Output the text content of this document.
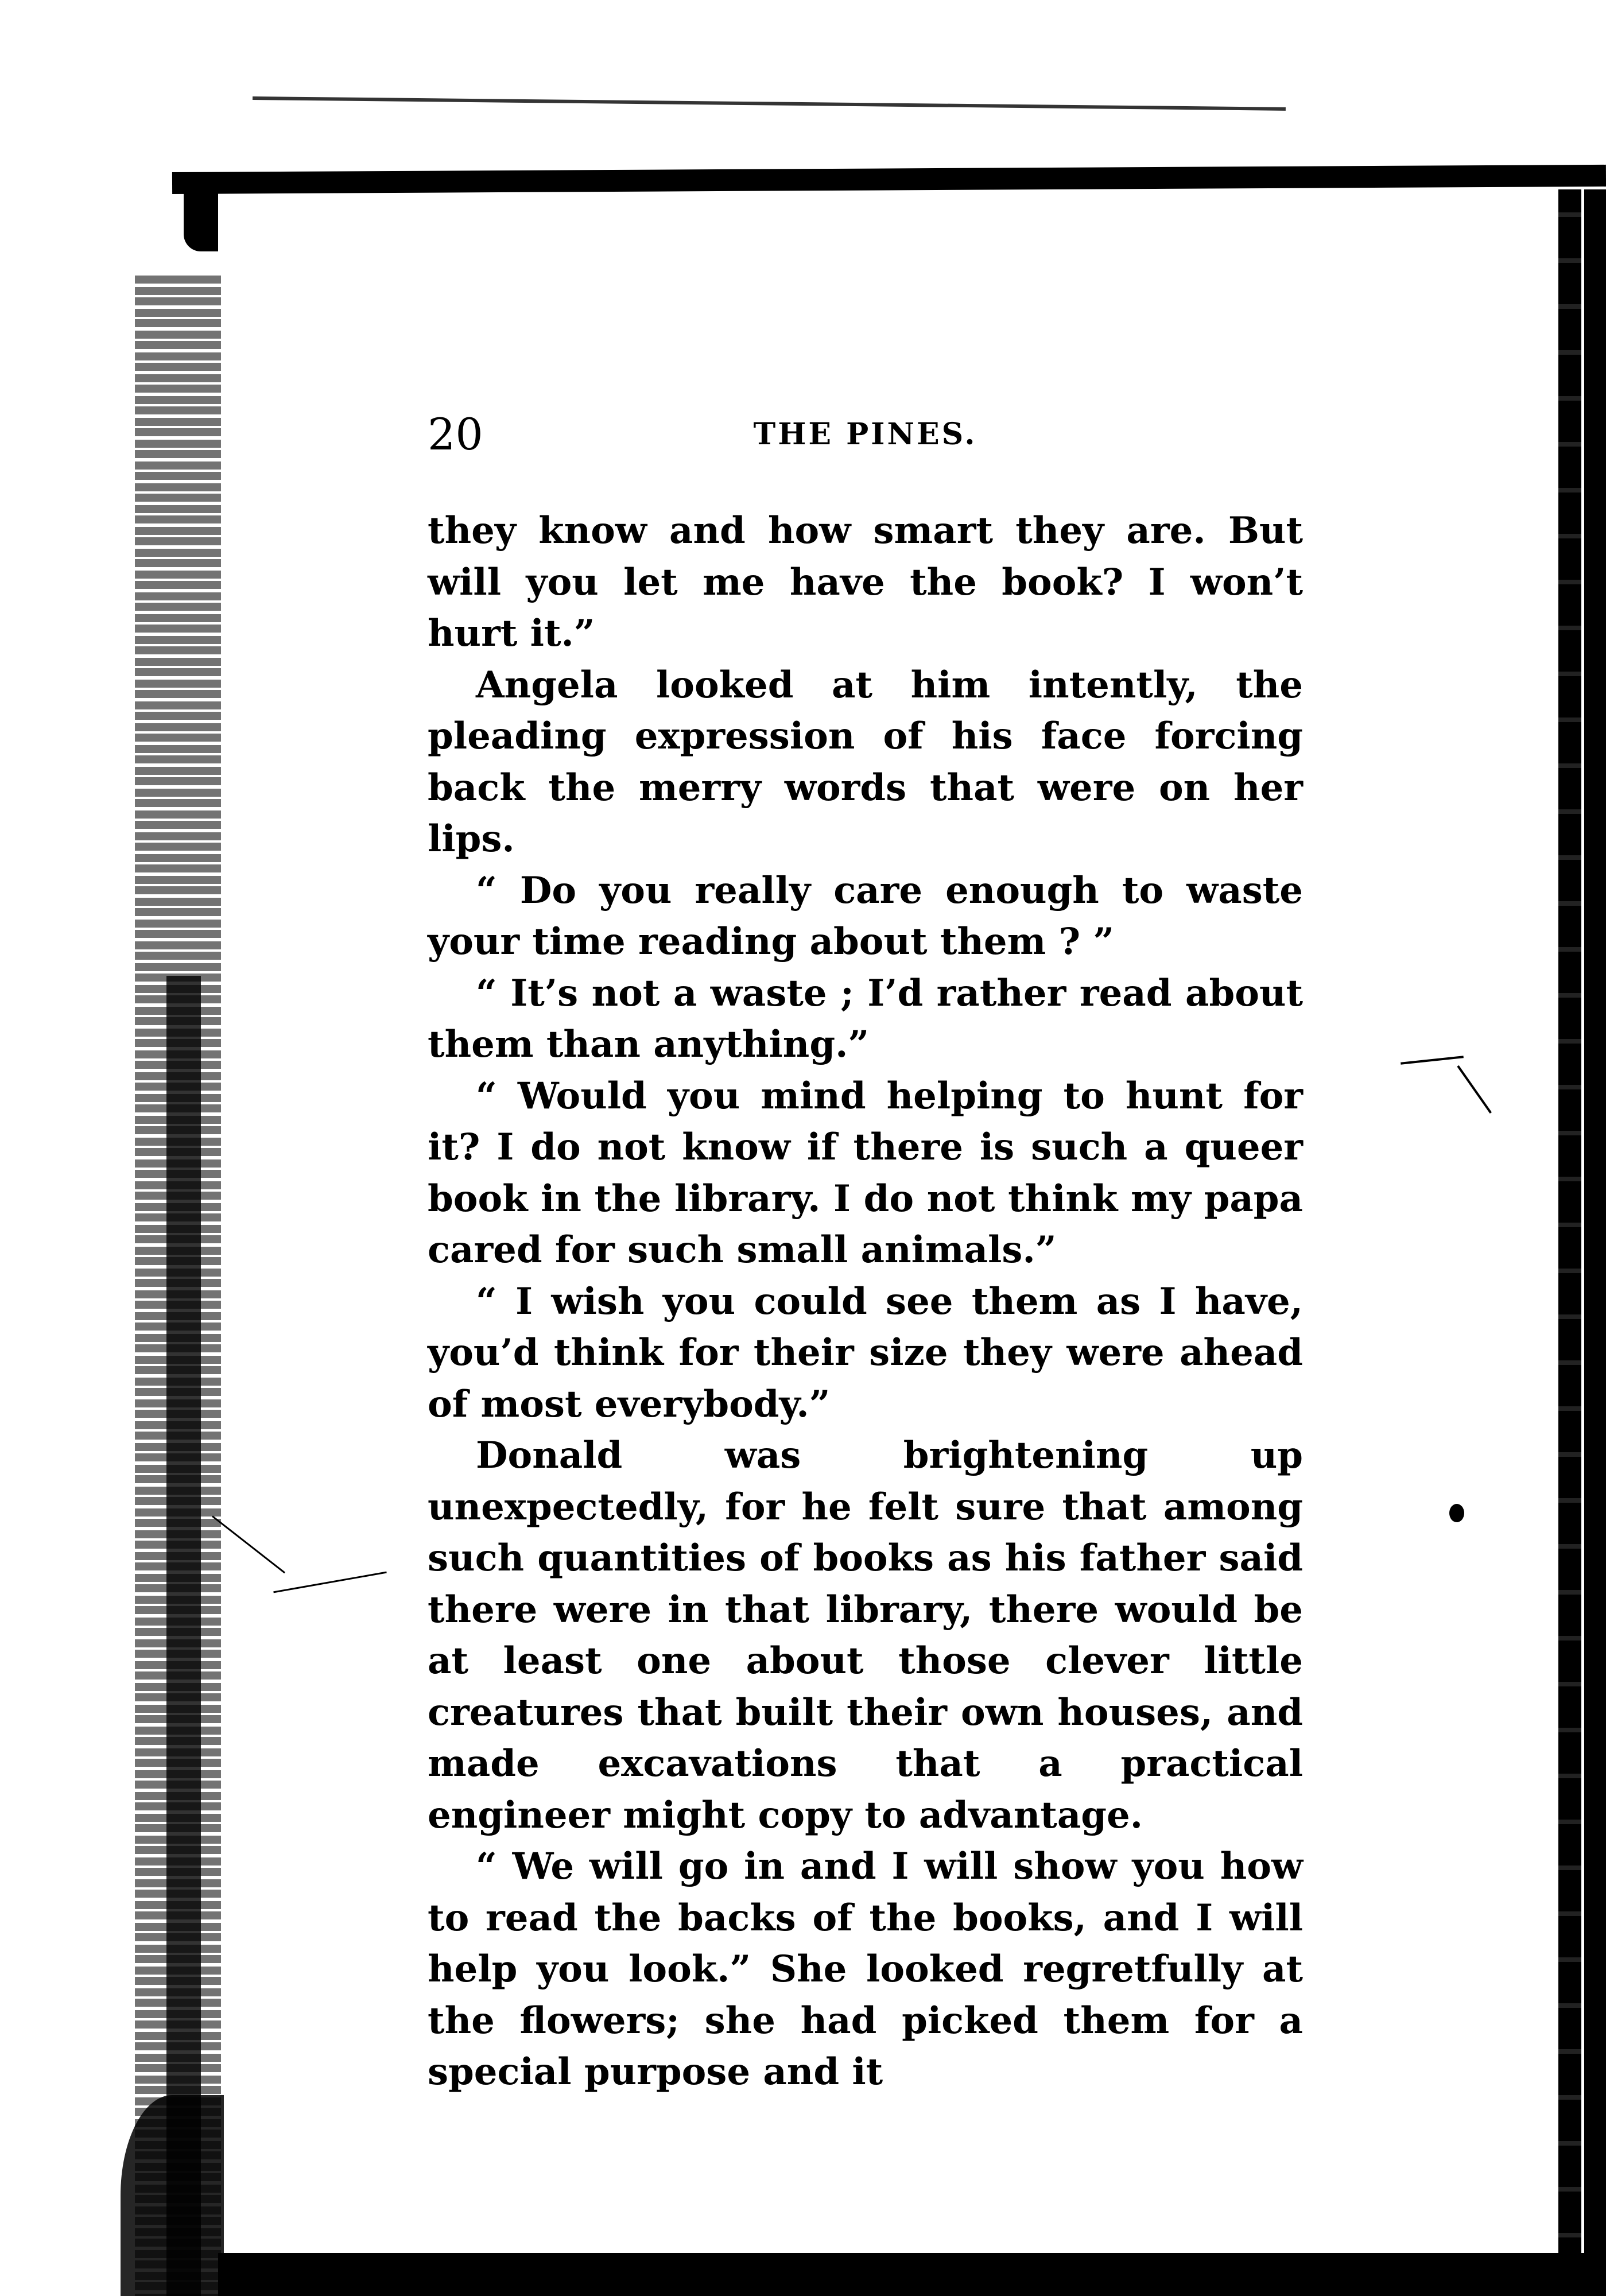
20	THE PINES.

they know and how smart they are. But will you let me have the book? I won’t hurt it.”

Angela looked at him intently, the pleading expression of his face forcing back the merry words that were on her lips.

“ Do you really care enough to waste your time reading about them ? ”

“ It’s not a waste ; I’d rather read about them than anything.”

“ Would you mind helping to hunt for it? I do not know if there is such a queer book in the library. I do not think my papa cared for such small animals.”

“ I wish you could see them as I have, you’d think for their size they were ahead of most everybody.”

Donald was brightening up unexpectedly, for he felt sure that among such quantities of books as his father said there were in that library, there would be at least one about those clever little creatures that built their own houses, and made excavations that a practical engineer might copy to advantage.

“ We will go in and I will show you how to read the backs of the books, and I will help you look.” She looked regretfully at the flowers; she had picked them for a special purpose and it
